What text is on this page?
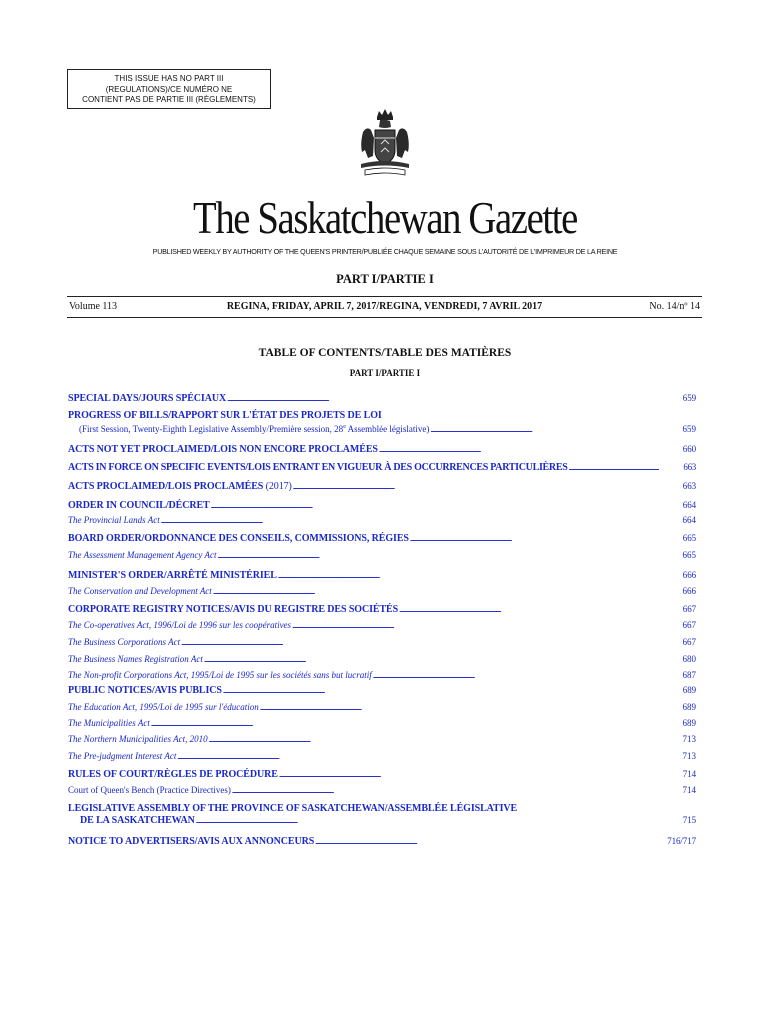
THIS ISSUE HAS NO PART III
(REGULATIONS)/CE NUMÉRO NE
CONTIENT PAS DE PARTIE III (RÈGLEMENTS)
The Saskatchewan Gazette
PUBLISHED WEEKLY BY AUTHORITY OF THE QUEEN'S PRINTER/PUBLIÉE CHAQUE SEMAINE SOUS L'AUTORITÉ DE L'IMPRIMEUR DE LA REINE
PART I/PARTIE I
Volume 113	REGINA, FRIDAY, APRIL 7, 2017/REGINA, VENDREDI, 7 AVRIL 2017	No. 14/nº 14
TABLE OF CONTENTS/TABLE DES MATIÈRES
PART I/PARTIE I
SPECIAL DAYS/JOURS SPÉCIAUX . . .	659
PROGRESS OF BILLS/RAPPORT SUR L'ÉTAT DES PROJETS DE LOI
(First Session, Twenty-Eighth Legislative Assembly/Première session, 28e Assemblée législative) . . .	659
ACTS NOT YET PROCLAIMED/LOIS NON ENCORE PROCLAMÉES . . .	660
ACTS IN FORCE ON SPECIFIC EVENTS/LOIS ENTRANT EN VIGUEUR À DES OCCURRENCES PARTICULIÈRES . . .	663
ACTS PROCLAIMED/LOIS PROCLAMÉES (2017) . . .	663
ORDER IN COUNCIL/DÉCRET . . .	664
The Provincial Lands Act . . .	664
BOARD ORDER/ORDONNANCE DES CONSEILS, COMMISSIONS, RÉGIES . . .	665
The Assessment Management Agency Act . . .	665
MINISTER'S ORDER/ARRÊTÉ MINISTÉRIEL . . .	666
The Conservation and Development Act . . .	666
CORPORATE REGISTRY NOTICES/AVIS DU REGISTRE DES SOCIÉTÉS . . .	667
The Co-operatives Act, 1996/Loi de 1996 sur les coopératives . . .	667
The Business Corporations Act . . .	667
The Business Names Registration Act . . .	680
The Non-profit Corporations Act, 1995/Loi de 1995 sur les sociétés sans but lucratif . . .	687
PUBLIC NOTICES/AVIS PUBLICS . . .	689
The Education Act, 1995/Loi de 1995 sur l'éducation . . .	689
The Municipalities Act . . .	689
The Northern Municipalities Act, 2010 . . .	713
The Pre-judgment Interest Act . . .	713
RULES OF COURT/RÈGLES DE PROCÉDURE . . .	714
Court of Queen's Bench (Practice Directives) . . .	714
LEGISLATIVE ASSEMBLY OF THE PROVINCE OF SASKATCHEWAN/ASSEMBLÉE LÉGISLATIVE
DE LA SASKATCHEWAN . . .	715
NOTICE TO ADVERTISERS/AVIS AUX ANNONCEURS . . .	716/717
